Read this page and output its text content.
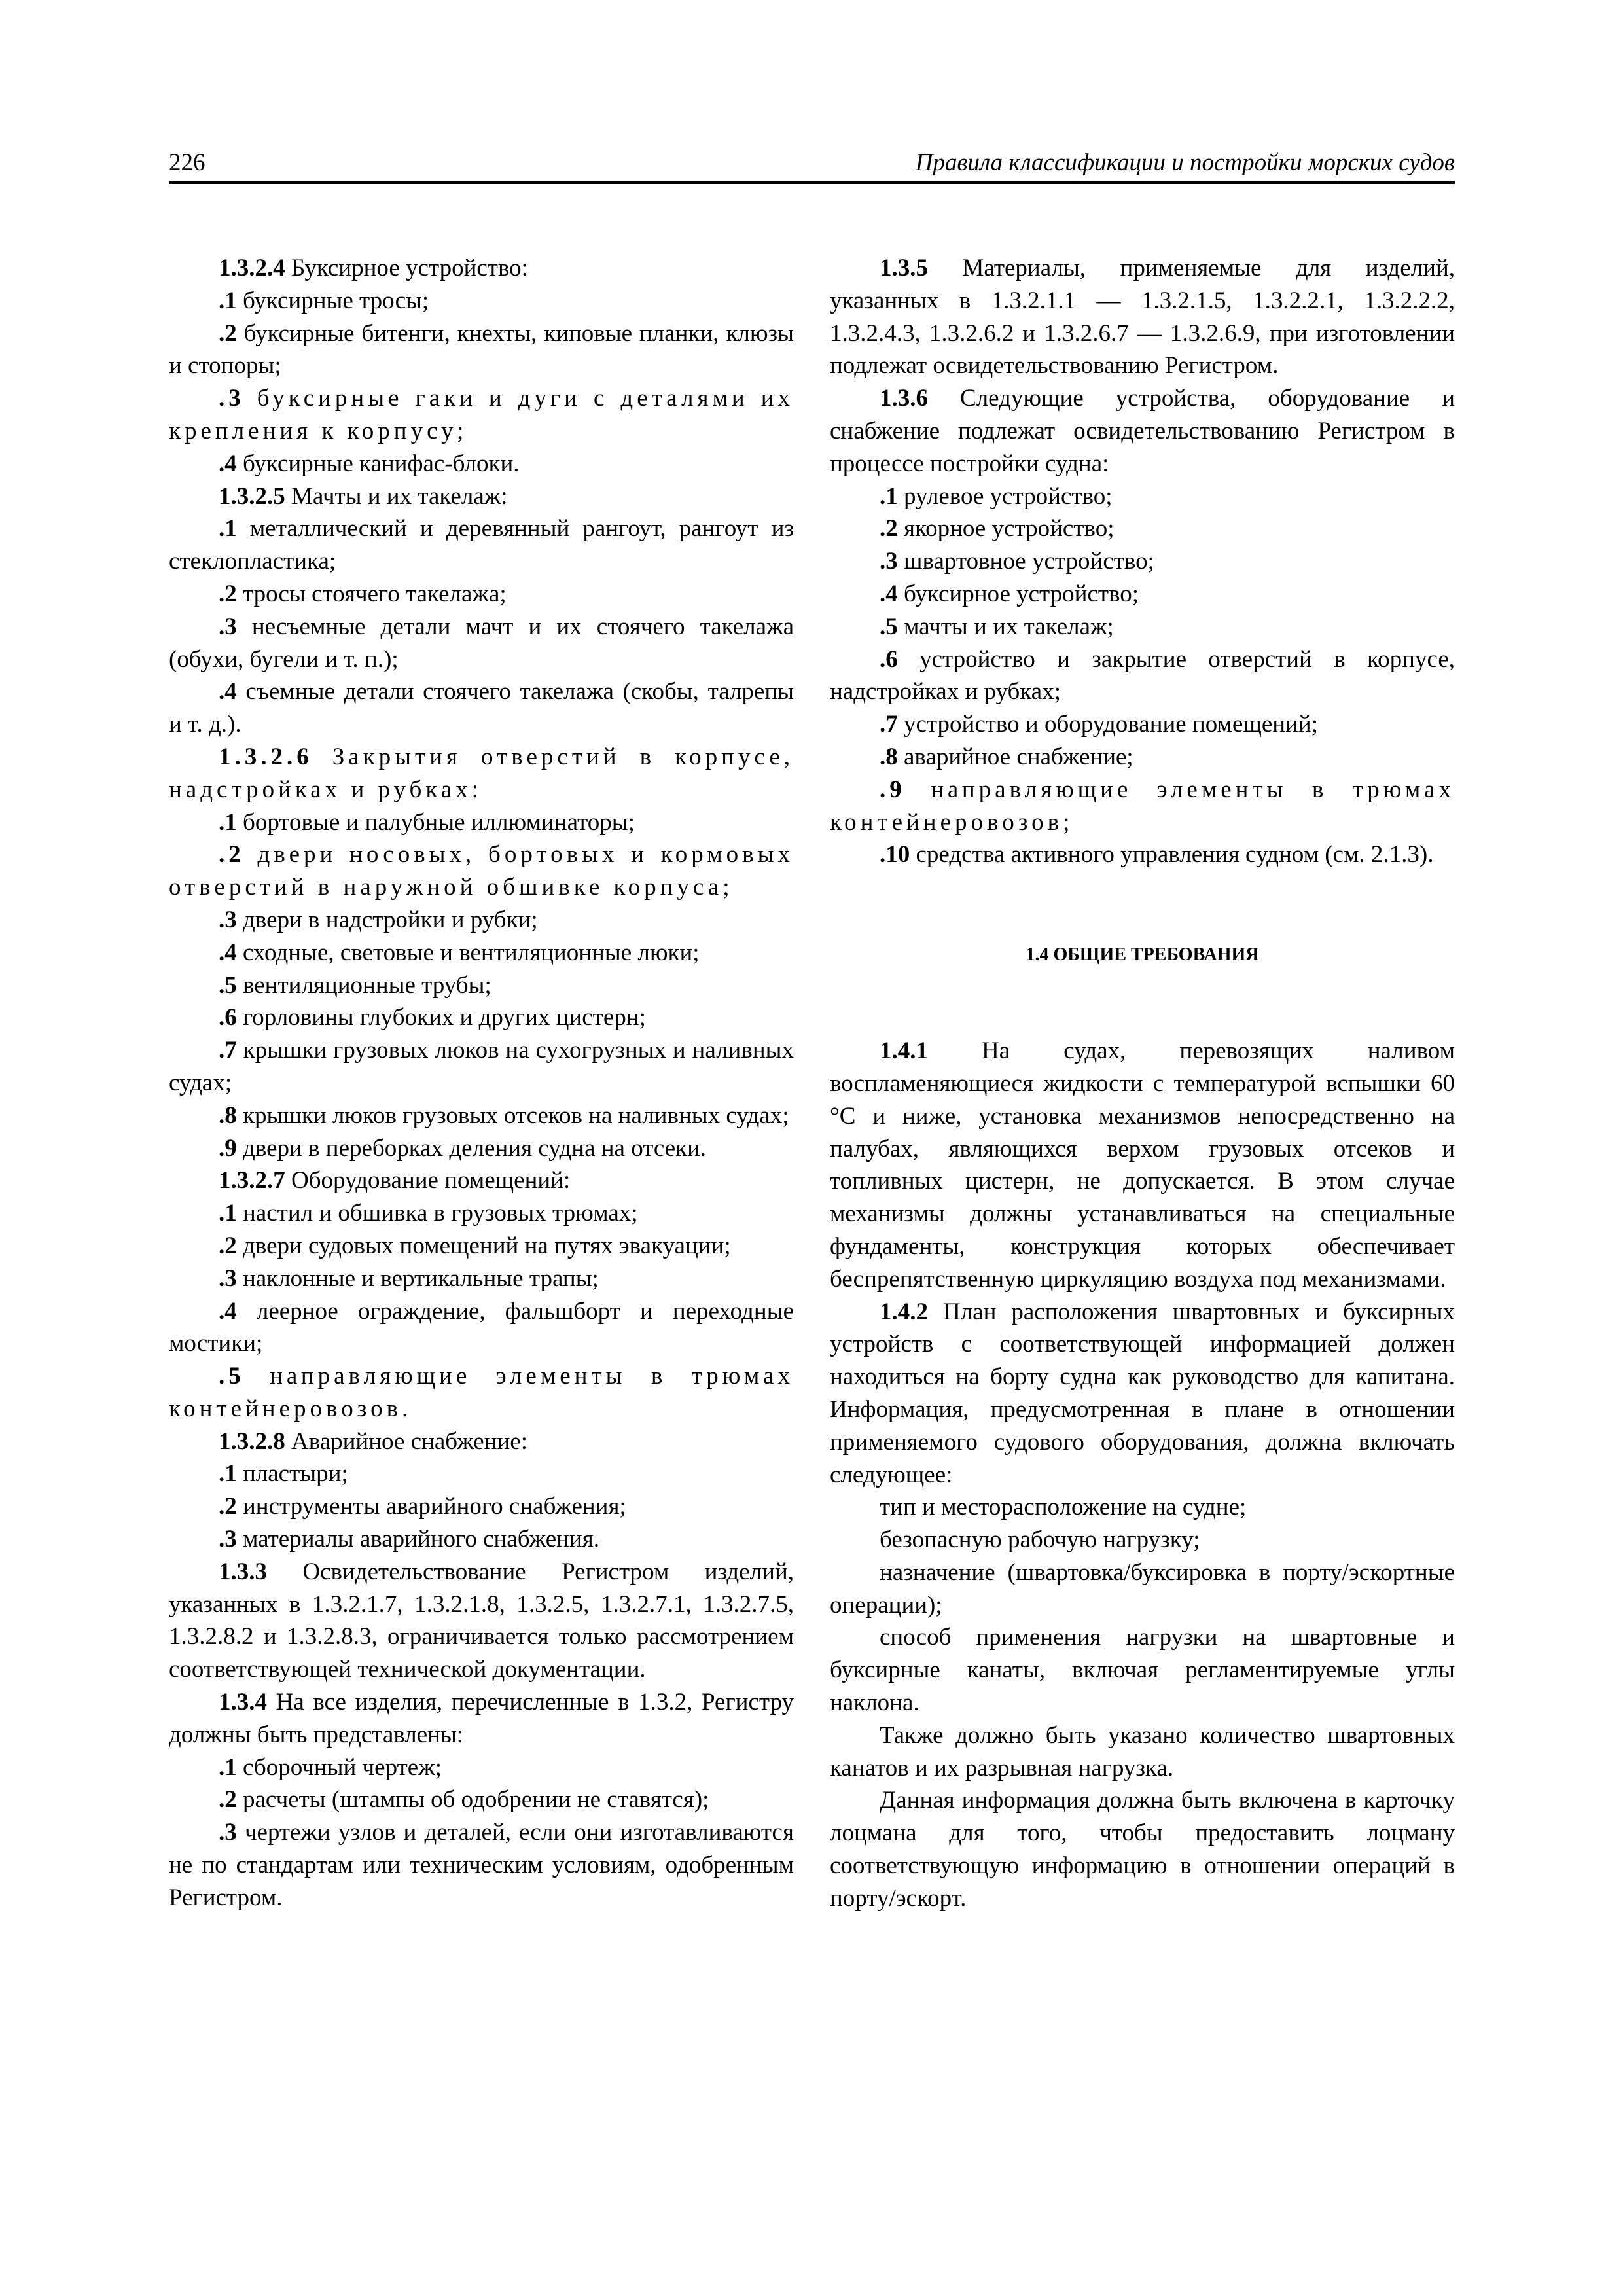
226	Правила классификации и постройки морских судов

1.3.2.4 Буксирное устройство:

.1 буксирные тросы;

.2 буксирные битенги, кнехты, киповые планки, клюзы и стопоры;

.3 буксирные гаки и дуги с деталями их крепления к корпусу;

.4 буксирные канифас-блоки.

1.3.2.5 Мачты и их такелаж:

.1 металлический и деревянный рангоут, рангоут из стеклопластика;

.2 тросы стоячего такелажа;

.3 несъемные детали мачт и их стоячего такелажа (обухи, бугели и т. п.);

.4 съемные детали стоячего такелажа (скобы, талрепы и т. д.).

1.3.2.6 Закрытия отверстий в корпусе, надстройках и рубках:

.1 бортовые и палубные иллюминаторы;

.2 двери носовых, бортовых и кормовых отверстий в наружной обшивке корпуса;

.3 двери в надстройки и рубки;

.4 сходные, световые и вентиляционные люки;

.5 вентиляционные трубы;

.6 горловины глубоких и других цистерн;

.7 крышки грузовых люков на сухогрузных и наливных судах;

.8 крышки люков грузовых отсеков на наливных судах;

.9 двери в переборках деления судна на отсеки.

1.3.2.7 Оборудование помещений:

.1 настил и обшивка в грузовых трюмах;

.2 двери судовых помещений на путях эвакуации;

.3 наклонные и вертикальные трапы;

.4 леерное ограждение, фальшборт и переходные мостики;

.5 направляющие элементы в трюмах контейнеровозов.

1.3.2.8 Аварийное снабжение:

.1 пластыри;

.2 инструменты аварийного снабжения;

.3 материалы аварийного снабжения.

1.3.3 Освидетельствование Регистром изделий, указанных в 1.3.2.1.7, 1.3.2.1.8, 1.3.2.5, 1.3.2.7.1, 1.3.2.7.5, 1.3.2.8.2 и 1.3.2.8.3, ограничивается только рассмотрением соответствующей технической документации.

1.3.4 На все изделия, перечисленные в 1.3.2, Регистру должны быть представлены:

.1 сборочный чертеж;

.2 расчеты (штампы об одобрении не ставятся);

.3 чертежи узлов и деталей, если они изготавливаются не по стандартам или техническим условиям, одобренным Регистром.

1.3.5 Материалы, применяемые для изделий, указанных в 1.3.2.1.1 — 1.3.2.1.5, 1.3.2.2.1, 1.3.2.2.2, 1.3.2.4.3, 1.3.2.6.2 и 1.3.2.6.7 — 1.3.2.6.9, при изготовлении подлежат освидетельствованию Регистром.

1.3.6 Следующие устройства, оборудование и снабжение подлежат освидетельствованию Регистром в процессе постройки судна:

.1 рулевое устройство;

.2 якорное устройство;

.3 швартовное устройство;

.4 буксирное устройство;

.5 мачты и их такелаж;

.6 устройство и закрытие отверстий в корпусе, надстройках и рубках;

.7 устройство и оборудование помещений;

.8 аварийное снабжение;

.9 направляющие элементы в трюмах контейнеровозов;

.10 средства активного управления судном (см. 2.1.3).

1.4 ОБЩИЕ ТРЕБОВАНИЯ

1.4.1 На судах, перевозящих наливом воспламеняющиеся жидкости с температурой вспышки 60 °C и ниже, установка механизмов непосредственно на палубах, являющихся верхом грузовых отсеков и топливных цистерн, не допускается. В этом случае механизмы должны устанавливаться на специальные фундаменты, конструкция которых обеспечивает беспрепятственную циркуляцию воздуха под механизмами.

1.4.2 План расположения швартовных и буксирных устройств с соответствующей информацией должен находиться на борту судна как руководство для капитана. Информация, предусмотренная в плане в отношении применяемого судового оборудования, должна включать следующее:

тип и месторасположение на судне;

безопасную рабочую нагрузку;

назначение (швартовка/буксировка в порту/эскортные операции);

способ применения нагрузки на швартовные и буксирные канаты, включая регламентируемые углы наклона.

Также должно быть указано количество швартовных канатов и их разрывная нагрузка.

Данная информация должна быть включена в карточку лоцмана для того, чтобы предоставить лоцману соответствующую информацию в отношении операций в порту/эскорт.
